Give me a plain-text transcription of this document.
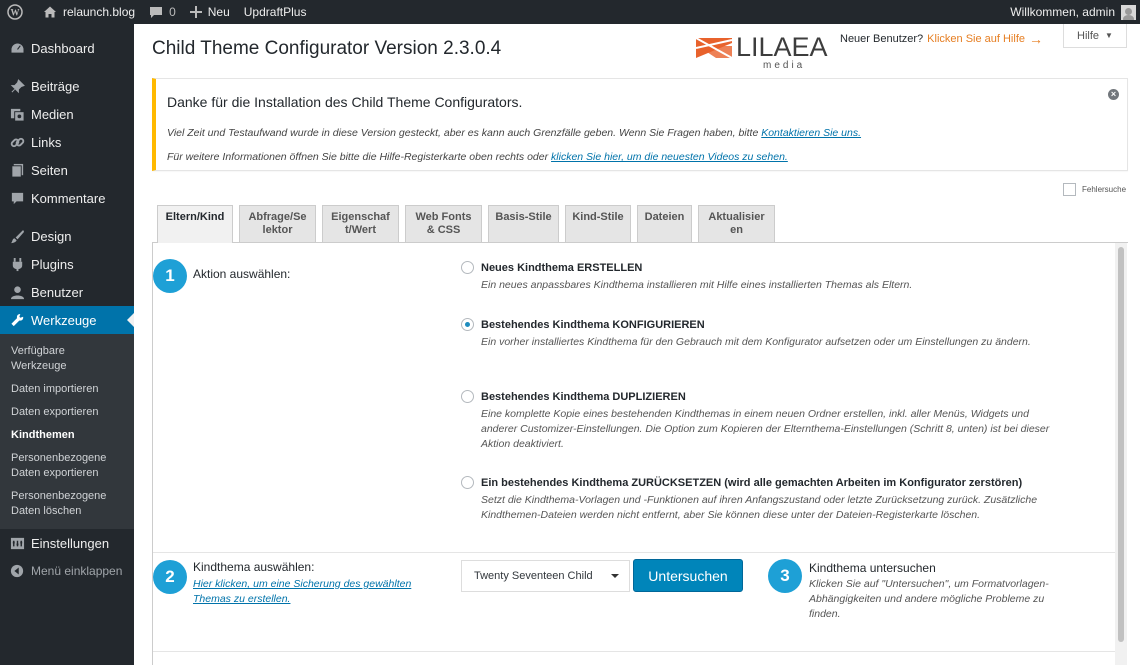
W	relaunch.blog	0	Neu UpdraftPlus	Willkommen, admin
Dashboard
Beiträge
Medien
Links
Seiten
Kommentare
Design
Plugins
Benutzer
Werkzeuge
Verfügbare Werkzeuge
Daten importieren
Daten exportieren
Kindthemen
Personenbezogene Daten exportieren
Personenbezogene Daten löschen
Einstellungen
Menü einklappen
Child Theme Configurator Version 2.3.0.4	LILAEA
media
Neuer Benutzer? Klicken Sie auf Hilfe →	Hilfe ▼
Danke für die Installation des Child Theme Configurators.
Viel Zeit und Testaufwand wurde in diese Version gesteckt, aber es kann auch Grenzfälle geben. Wenn Sie Fragen haben, bitte Kontaktieren Sie uns.
Für weitere Informationen öffnen Sie bitte die Hilfe-Registerkarte oben rechts oder klicken Sie hier, um die neuesten Videos zu sehen.
×
Fehlersuche
Eltern/Kind Abfrage/Se lektor
Eigenschaf t/Wert
Web Fonts & CSS
Basis-Stile Kind-Stile Dateien	Aktualisier en
1	Aktion auswählen:	Neues Kindthema ERSTELLEN
Ein neues anpassbares Kindthema installieren mit Hilfe eines installierten Themas als Eltern.
Bestehendes Kindthema KONFIGURIEREN
Ein vorher installiertes Kindthema für den Gebrauch mit dem Konfigurator aufsetzen oder um Einstellungen zu ändern.
Bestehendes Kindthema DUPLIZIEREN
Eine komplette Kopie eines bestehenden Kindthemas in einem neuen Ordner erstellen, inkl. aller Menüs, Widgets und anderer Customizer-Einstellungen. Die Option zum Kopieren der Elternthema-Einstellungen (Schritt 8, unten) ist bei dieser Aktion deaktiviert.
Ein bestehendes Kindthema ZURÜCKSETZEN (wird alle gemachten Arbeiten im Konfigurator zerstören)
Setzt die Kindthema-Vorlagen und -Funktionen auf ihren Anfangszustand oder letzte Zurücksetzung zurück. Zusätzliche Kindthemen-Dateien werden nicht entfernt, aber Sie können diese unter der Dateien-Registerkarte löschen.
2	Kindthema auswählen:
Hier klicken, um eine Sicherung des gewählten Themas zu erstellen.
Twenty Seventeen Child	Untersuchen	3	Kindthema untersuchen
Klicken Sie auf "Untersuchen", um Formatvorlagen-Abhängigkeiten und andere mögliche Probleme zu finden.
